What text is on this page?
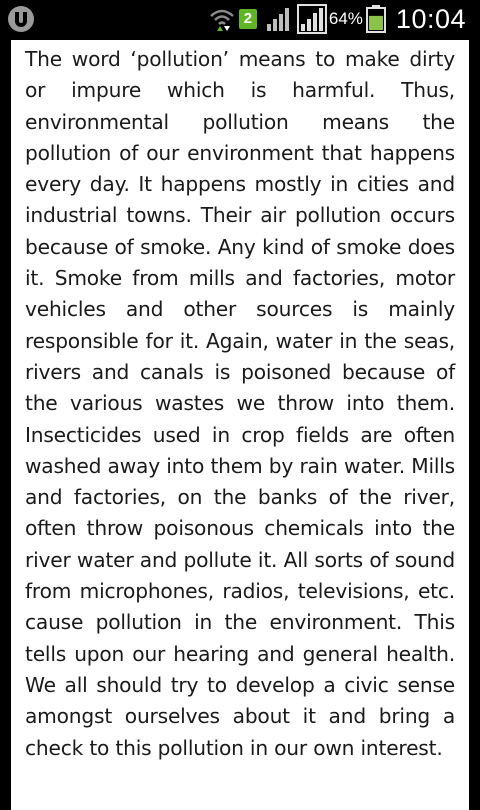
2	64% 10:04

The word ‘pollution’ means to make dirty or impure which is harmful. Thus, environmental pollution means the pollution of our environment that happens every day. It happens mostly in cities and industrial towns. Their air pollution occurs because of smoke. Any kind of smoke does it. Smoke from mills and factories, motor vehicles and other sources is mainly responsible for it. Again, water in the seas, rivers and canals is poisoned because of the various wastes we throw into them. Insecticides used in crop fields are often washed away into them by rain water. Mills and factories, on the banks of the river, often throw poisonous chemicals into the river water and pollute it. All sorts of sound from microphones, radios, televisions, etc. cause pollution in the environment. This tells upon our hearing and general health. We all should try to develop a civic sense amongst ourselves about it and bring a check to this pollution in our own interest.
